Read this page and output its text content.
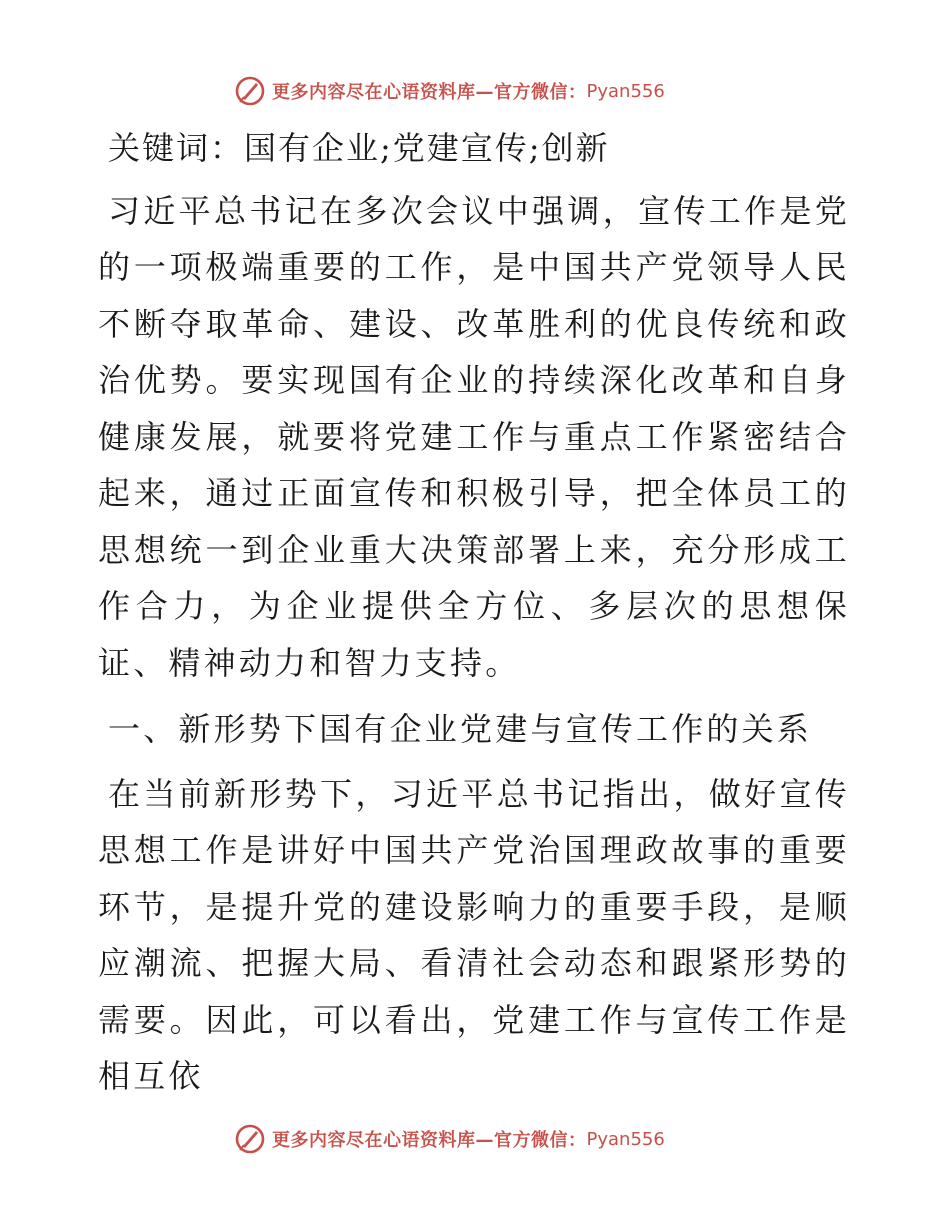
更多内容尽在心语资料库—官方微信： Pyan556

关键词：国有企业;党建宣传;创新

习近平总书记在多次会议中强调，宣传工作是党的一项极端重要的工作，是中国共产党领导人民不断夺取革命、建设、改革胜利的优良传统和政治优势。要实现国有企业的持续深化改革和自身健康发展，就要将党建工作与重点工作紧密结合起来，通过正面宣传和积极引导，把全体员工的思想统一到企业重大决策部署上来，充分形成工作合力，为企业提供全方位、多层次的思想保证、精神动力和智力支持。

一、新形势下国有企业党建与宣传工作的关系

在当前新形势下，习近平总书记指出，做好宣传思想工作是讲好中国共产党治国理政故事的重要环节，是提升党的建设影响力的重要手段，是顺应潮流、把握大局、看清社会动态和跟紧形势的需要。因此，可以看出，党建工作与宣传工作是相互依

更多内容尽在心语资料库—官方微信： Pyan556
